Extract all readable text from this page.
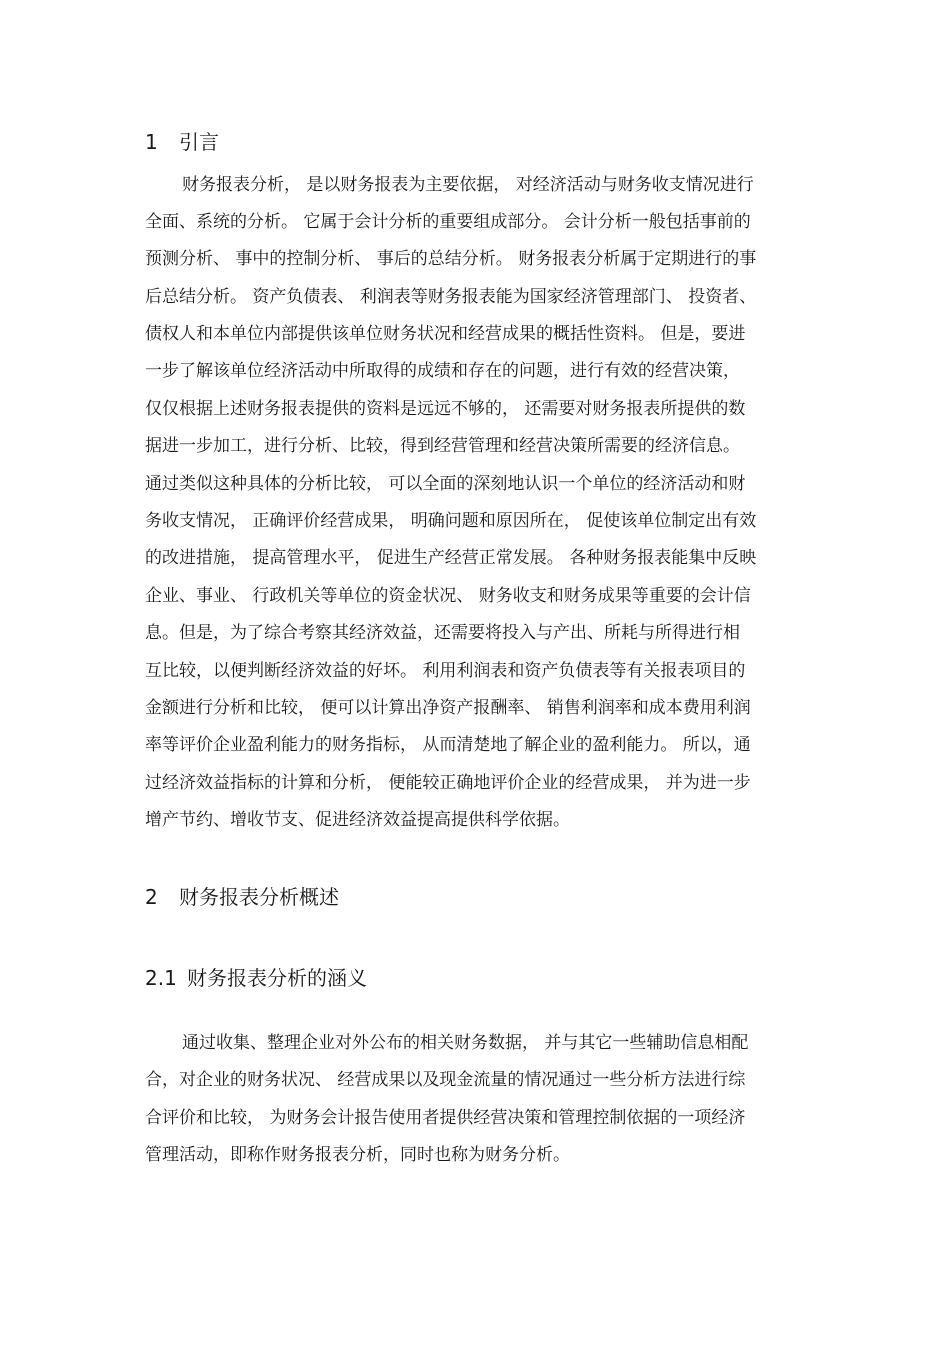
1 引言

财务报表分析， 是以财务报表为主要依据， 对经济活动与财务收支情况进行

全面、系统的分析。 它属于会计分析的重要组成部分。 会计分析一般包括事前的

预测分析、 事中的控制分析、 事后的总结分析。 财务报表分析属于定期进行的事

后总结分析。 资产负债表、 利润表等财务报表能为国家经济管理部门、 投资者、

债权人和本单位内部提供该单位财务状况和经营成果的概括性资料。 但是，要进

一步了解该单位经济活动中所取得的成绩和存在的问题，进行有效的经营决策，

仅仅根据上述财务报表提供的资料是远远不够的， 还需要对财务报表所提供的数

据进一步加工，进行分析、比较，得到经营管理和经营决策所需要的经济信息。

通过类似这种具体的分析比较， 可以全面的深刻地认识一个单位的经济活动和财

务收支情况， 正确评价经营成果， 明确问题和原因所在， 促使该单位制定出有效

的改进措施， 提高管理水平， 促进生产经营正常发展。 各种财务报表能集中反映

企业、事业、 行政机关等单位的资金状况、 财务收支和财务成果等重要的会计信

息。但是，为了综合考察其经济效益，还需要将投入与产出、所耗与所得进行相

互比较，以便判断经济效益的好坏。 利用利润表和资产负债表等有关报表项目的

金额进行分析和比较， 便可以计算出净资产报酬率、 销售利润率和成本费用利润

率等评价企业盈利能力的财务指标， 从而清楚地了解企业的盈利能力。 所以，通

过经济效益指标的计算和分析， 便能较正确地评价企业的经营成果， 并为进一步

增产节约、增收节支、促进经济效益提高提供科学依据。

2 财务报表分析概述
2.1 财务报表分析的涵义

通过收集、整理企业对外公布的相关财务数据， 并与其它一些辅助信息相配

合，对企业的财务状况、 经营成果以及现金流量的情况通过一些分析方法进行综

合评价和比较， 为财务会计报告使用者提供经营决策和管理控制依据的一项经济

管理活动，即称作财务报表分析，同时也称为财务分析。
